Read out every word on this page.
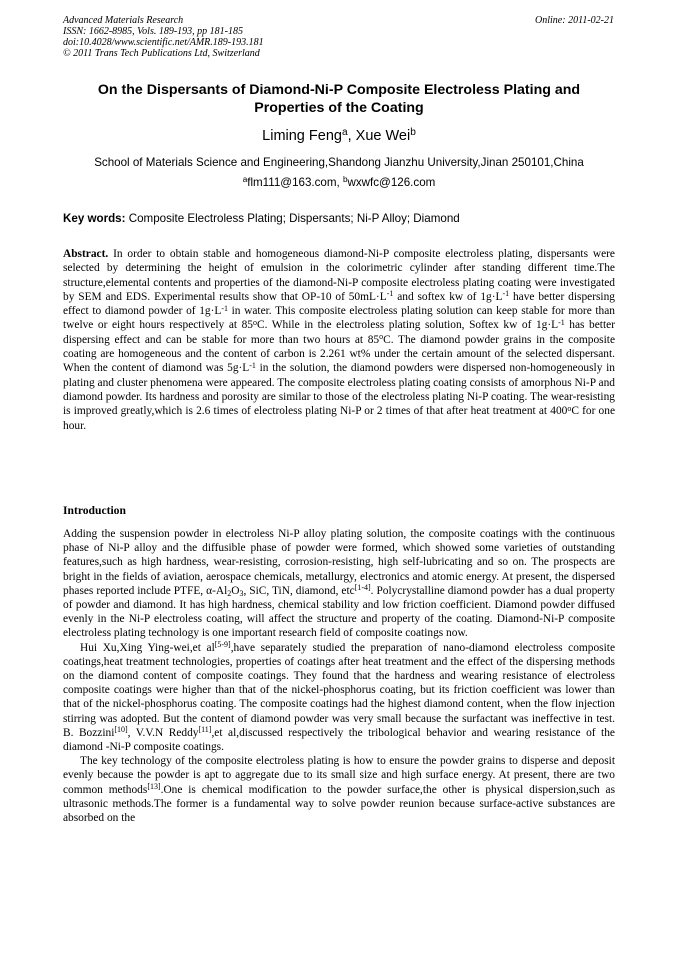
Advanced Materials Research
ISSN: 1662-8985, Vols. 189-193, pp 181-185
doi:10.4028/www.scientific.net/AMR.189-193.181
© 2011 Trans Tech Publications Ltd, Switzerland
Online: 2011-02-21
On the Dispersants of Diamond-Ni-P Composite Electroless Plating and
Properties of the Coating
Liming Feng$^a$, Xue Wei$^b$
School of Materials Science and Engineering,Shandong Jianzhu University,Jinan 250101,China
$^a$flm111@163.com, $^b$wxwfc@126.com
Key words: Composite Electroless Plating; Dispersants; Ni-P Alloy; Diamond
Abstract. In order to obtain stable and homogeneous diamond-Ni-P composite electroless plating, dispersants were selected by determining the height of emulsion in the colorimetric cylinder after standing different time.The structure,elemental contents and properties of the diamond-Ni-P composite electroless plating coating were investigated by SEM and EDS. Experimental results show that OP-10 of $50mL\cdot L^{-1}$ and softex kw of $1g\cdot L^{-1}$ have better dispersing effect to diamond powder of $1g\cdot L^{-1}$ in water. This composite electroless plating solution can keep stable for more than twelve or eight hours respectively at 85$^o$C. While in the electroless plating solution, Softex kw of $1g\cdot L^{-1}$ has better dispersing effect and can be stable for more than two hours at 85$^o$C. The diamond powder grains in the composite coating are homogeneous and the content of carbon is 2.261 wt% under the certain amount of the selected dispersant. When the content of diamond was $5g\cdot L^{-1}$ in the solution, the diamond powders were dispersed non-homogeneously in plating and cluster phenomena were appeared. The composite electroless plating coating consists of amorphous Ni-P and diamond powder. Its hardness and porosity are similar to those of the electroless plating Ni-P coating. The wear-resisting is improved greatly,which is 2.6 times of electroless plating Ni-P or 2 times of that after heat treatment at 400$^o$C for one hour.
Introduction

Adding the suspension powder in electroless Ni-P alloy plating solution, the composite coatings with the continuous phase of Ni-P alloy and the diffusible phase of powder were formed, which showed some varieties of outstanding features,such as high hardness, wear-resisting, corrosion-resisting, high self-lubricating and so on. The prospects are bright in the fields of aviation, aerospace chemicals, metallurgy, electronics and atomic energy. At present, the dispersed phases reported include PTFE, $\alpha-Al_2O_3$, SiC, TiN, diamond, etc[1-4]. Polycrystalline diamond powder has a dual property of powder and diamond. It has high hardness, chemical stability and low friction coefficient. Diamond powder diffused evenly in the Ni-P electroless coating, will affect the structure and property of the coating. Diamond-Ni-P composite electroless plating technology is one important research field of composite coatings now.

Hui Xu,Xing Ying-wei,et al[5-9],have separately studied the preparation of nano-diamond electroless composite coatings,heat treatment technologies, properties of coatings after heat treatment and the effect of the dispersing methods on the diamond content of composite coatings. They found that the hardness and wearing resistance of electroless composite coatings were higher than that of the nickel-phosphorus coating, but its friction coefficient was lower than that of the nickel-phosphorus coating. The composite coatings had the highest diamond content, when the flow injection stirring was adopted. But the content of diamond powder was very small because the surfactant was ineffective in test. B. Bozzini[10], V.V.N Reddy[11],et al,discussed respectively the tribological behavior and wearing resistance of the diamond -Ni-P composite coatings.

The key technology of the composite electroless plating is how to ensure the powder grains to disperse and deposit evenly because the powder is apt to aggregate due to its small size and high surface energy. At present, there are two common methods[13].One is chemical modification to the powder surface,the other is physical dispersion,such as ultrasonic methods.The former is a fundamental way to solve powder reunion because surface-active substances are absorbed on the
